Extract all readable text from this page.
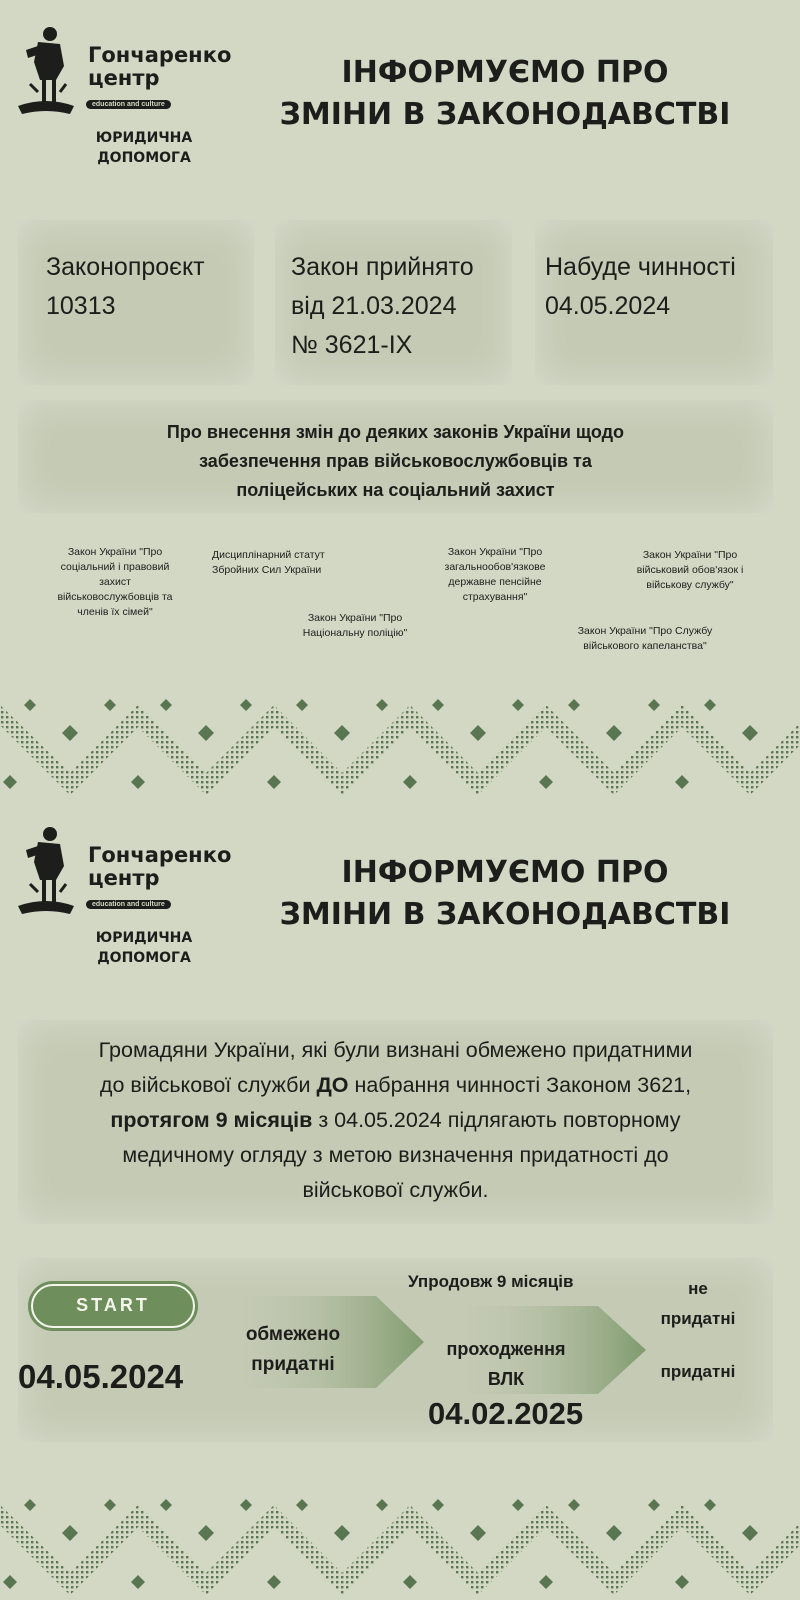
Гончаренко
центр
education and culture
ЮРИДИЧНА
ДОПОМОГА
ІНФОРМУЄМО ПРО
ЗМІНИ В ЗАКОНОДАВСТВІ
Законопроєкт
10313
Закон прийнято
від 21.03.2024
№ 3621-IX
Набуде чинності
04.05.2024
Про внесення змін до деяких законів України щодо
забезпечення прав військовослужбовців та
поліцейських на соціальний захист
Закон України "Про
соціальний і правовий
захист
військовослужбовців та
членів їх сімей"
Дисциплінарний статут
Збройних Сил України
Закон України "Про
Національну поліцію"
Закон України "Про
загальнообов'язкове
державне пенсійне
страхування"
Закон України "Про
військовий обов'язок і
військову службу"
Закон України "Про Службу
військового капеланства"
Гончаренко
центр
education and culture
ЮРИДИЧНА
ДОПОМОГА
ІНФОРМУЄМО ПРО
ЗМІНИ В ЗАКОНОДАВСТВІ
Громадяни України, які були визнані обмежено придатними
до військової служби ДО набрання чинності Законом 3621,
протягом 9 місяців з 04.05.2024 підлягають повторному
медичному огляду з метою визначення придатності до
військової служби.
START
04.05.2024
обмежено
придатні
Упродовж 9 місяців
проходження
ВЛК
04.02.2025
не
придатні
придатні
